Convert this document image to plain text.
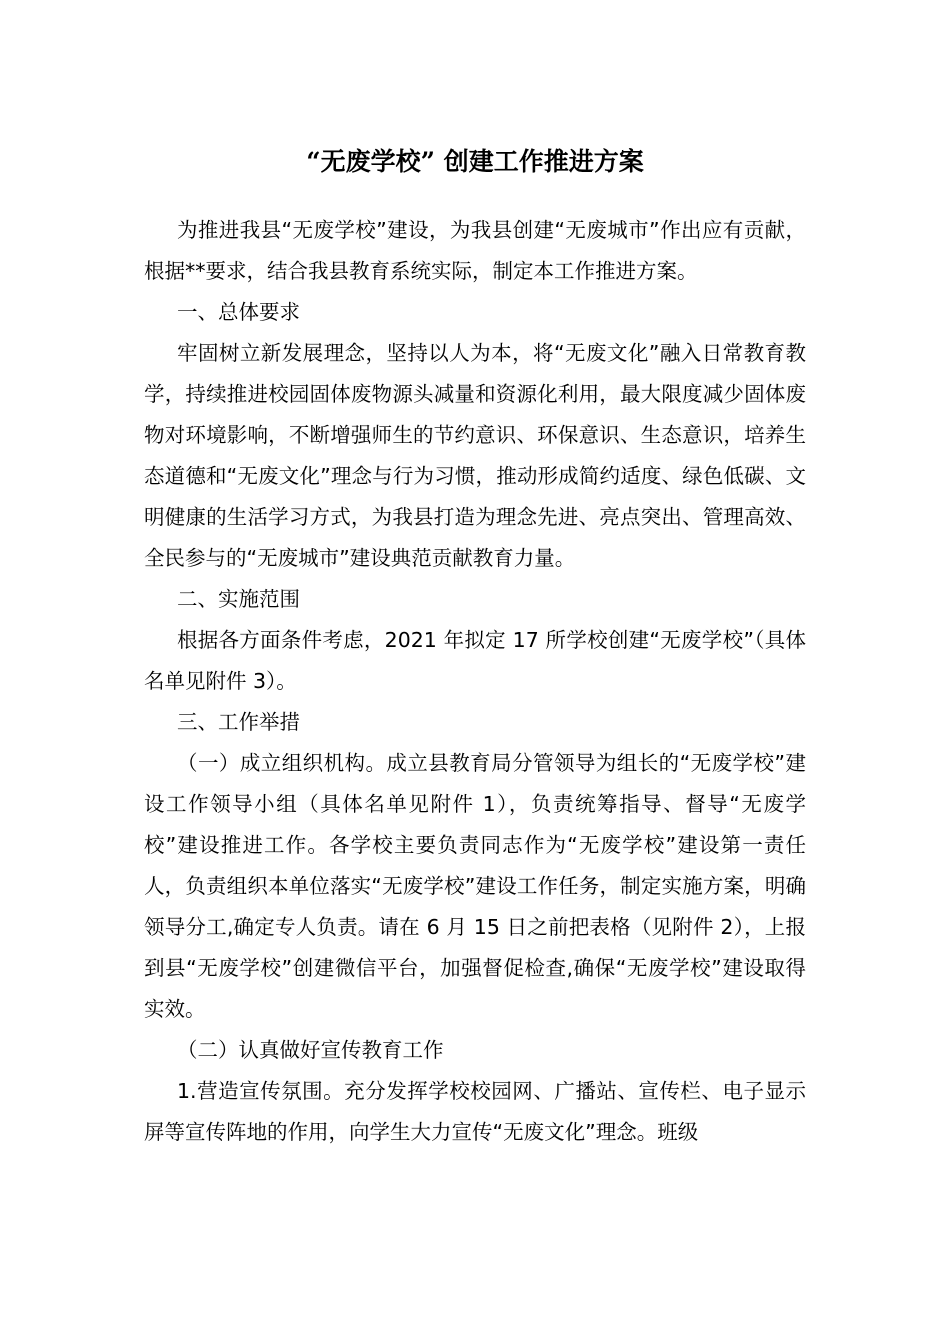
“无废学校” 创建工作推进方案

为推进我县“无废学校”建设，为我县创建“无废城市”作出应有贡献，根据**要求，结合我县教育系统实际，制定本工作推进方案。

一、总体要求

牢固树立新发展理念，坚持以人为本，将“无废文化”融入日常教育教学，持续推进校园固体废物源头减量和资源化利用，最大限度减少固体废物对环境影响，不断增强师生的节约意识、环保意识、生态意识，培养生态道德和“无废文化”理念与行为习惯，推动形成简约适度、绿色低碳、文明健康的生活学习方式，为我县打造为理念先进、亮点突出、管理高效、全民参与的“无废城市”建设典范贡献教育力量。

二、实施范围

根据各方面条件考虑，2021 年拟定 17 所学校创建“无废学校”（具体名单见附件 3）。

三、工作举措

（一）成立组织机构。成立县教育局分管领导为组长的“无废学校”建设工作领导小组（具体名单见附件 1），负责统筹指导、督导“无废学校”建设推进工作。各学校主要负责同志作为“无废学校”建设第一责任人，负责组织本单位落实“无废学校”建设工作任务，制定实施方案，明确领导分工,确定专人负责。请在 6 月 15 日之前把表格（见附件 2），上报到县“无废学校”创建微信平台，加强督促检查,确保“无废学校”建设取得实效。

（二）认真做好宣传教育工作

1.营造宣传氛围。充分发挥学校校园网、广播站、宣传栏、电子显示屏等宣传阵地的作用，向学生大力宣传“无废文化”理念。班级
